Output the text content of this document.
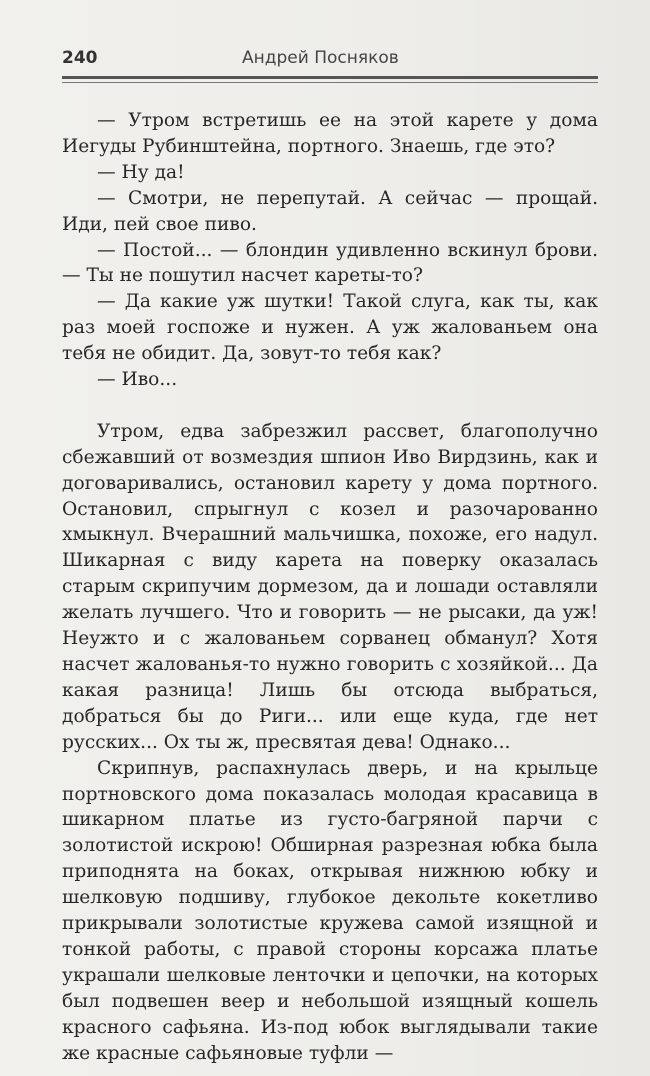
240	Андрей Посняков

— Утром встретишь ее на этой карете у дома Иегуды Рубинштейна, портного. Знаешь, где это?

— Ну да!

— Смотри, не перепутай. А сейчас — прощай. Иди, пей свое пиво.

— Постой... — блондин удивленно вскинул брови. — Ты не пошутил насчет кареты-то?

— Да какие уж шутки! Такой слуга, как ты, как раз моей госпоже и нужен. А уж жалованьем она тебя не обидит. Да, зовут-то тебя как?

— Иво...

Утром, едва забрезжил рассвет, благополучно сбежавший от возмездия шпион Иво Вирдзинь, как и договаривались, остановил карету у дома портного. Остановил, спрыгнул с козел и разочарованно хмыкнул. Вчерашний мальчишка, похоже, его надул. Шикарная с виду карета на поверку оказалась старым скрипучим дормезом, да и лошади оставляли желать лучшего. Что и говорить — не рысаки, да уж! Неужто и с жалованьем сорванец обманул? Хотя насчет жалованья-то нужно говорить с хозяйкой... Да какая разница! Лишь бы отсюда выбраться, добраться бы до Риги... или еще куда, где нет русских... Ох ты ж, пресвятая дева! Однако...

Скрипнув, распахнулась дверь, и на крыльце портновского дома показалась молодая красавица в шикарном платье из густо-багряной парчи с золотистой искрою! Обширная разрезная юбка была приподнята на боках, открывая нижнюю юбку и шелковую подшиву, глубокое декольте кокетливо прикрывали золотистые кружева самой изящной и тонкой работы, с правой стороны корсажа платье украшали шелковые ленточки и цепочки, на которых был подвешен веер и небольшой изящный кошель красного сафьяна. Из-под юбок выглядывали такие же красные сафьяновые туфли —
